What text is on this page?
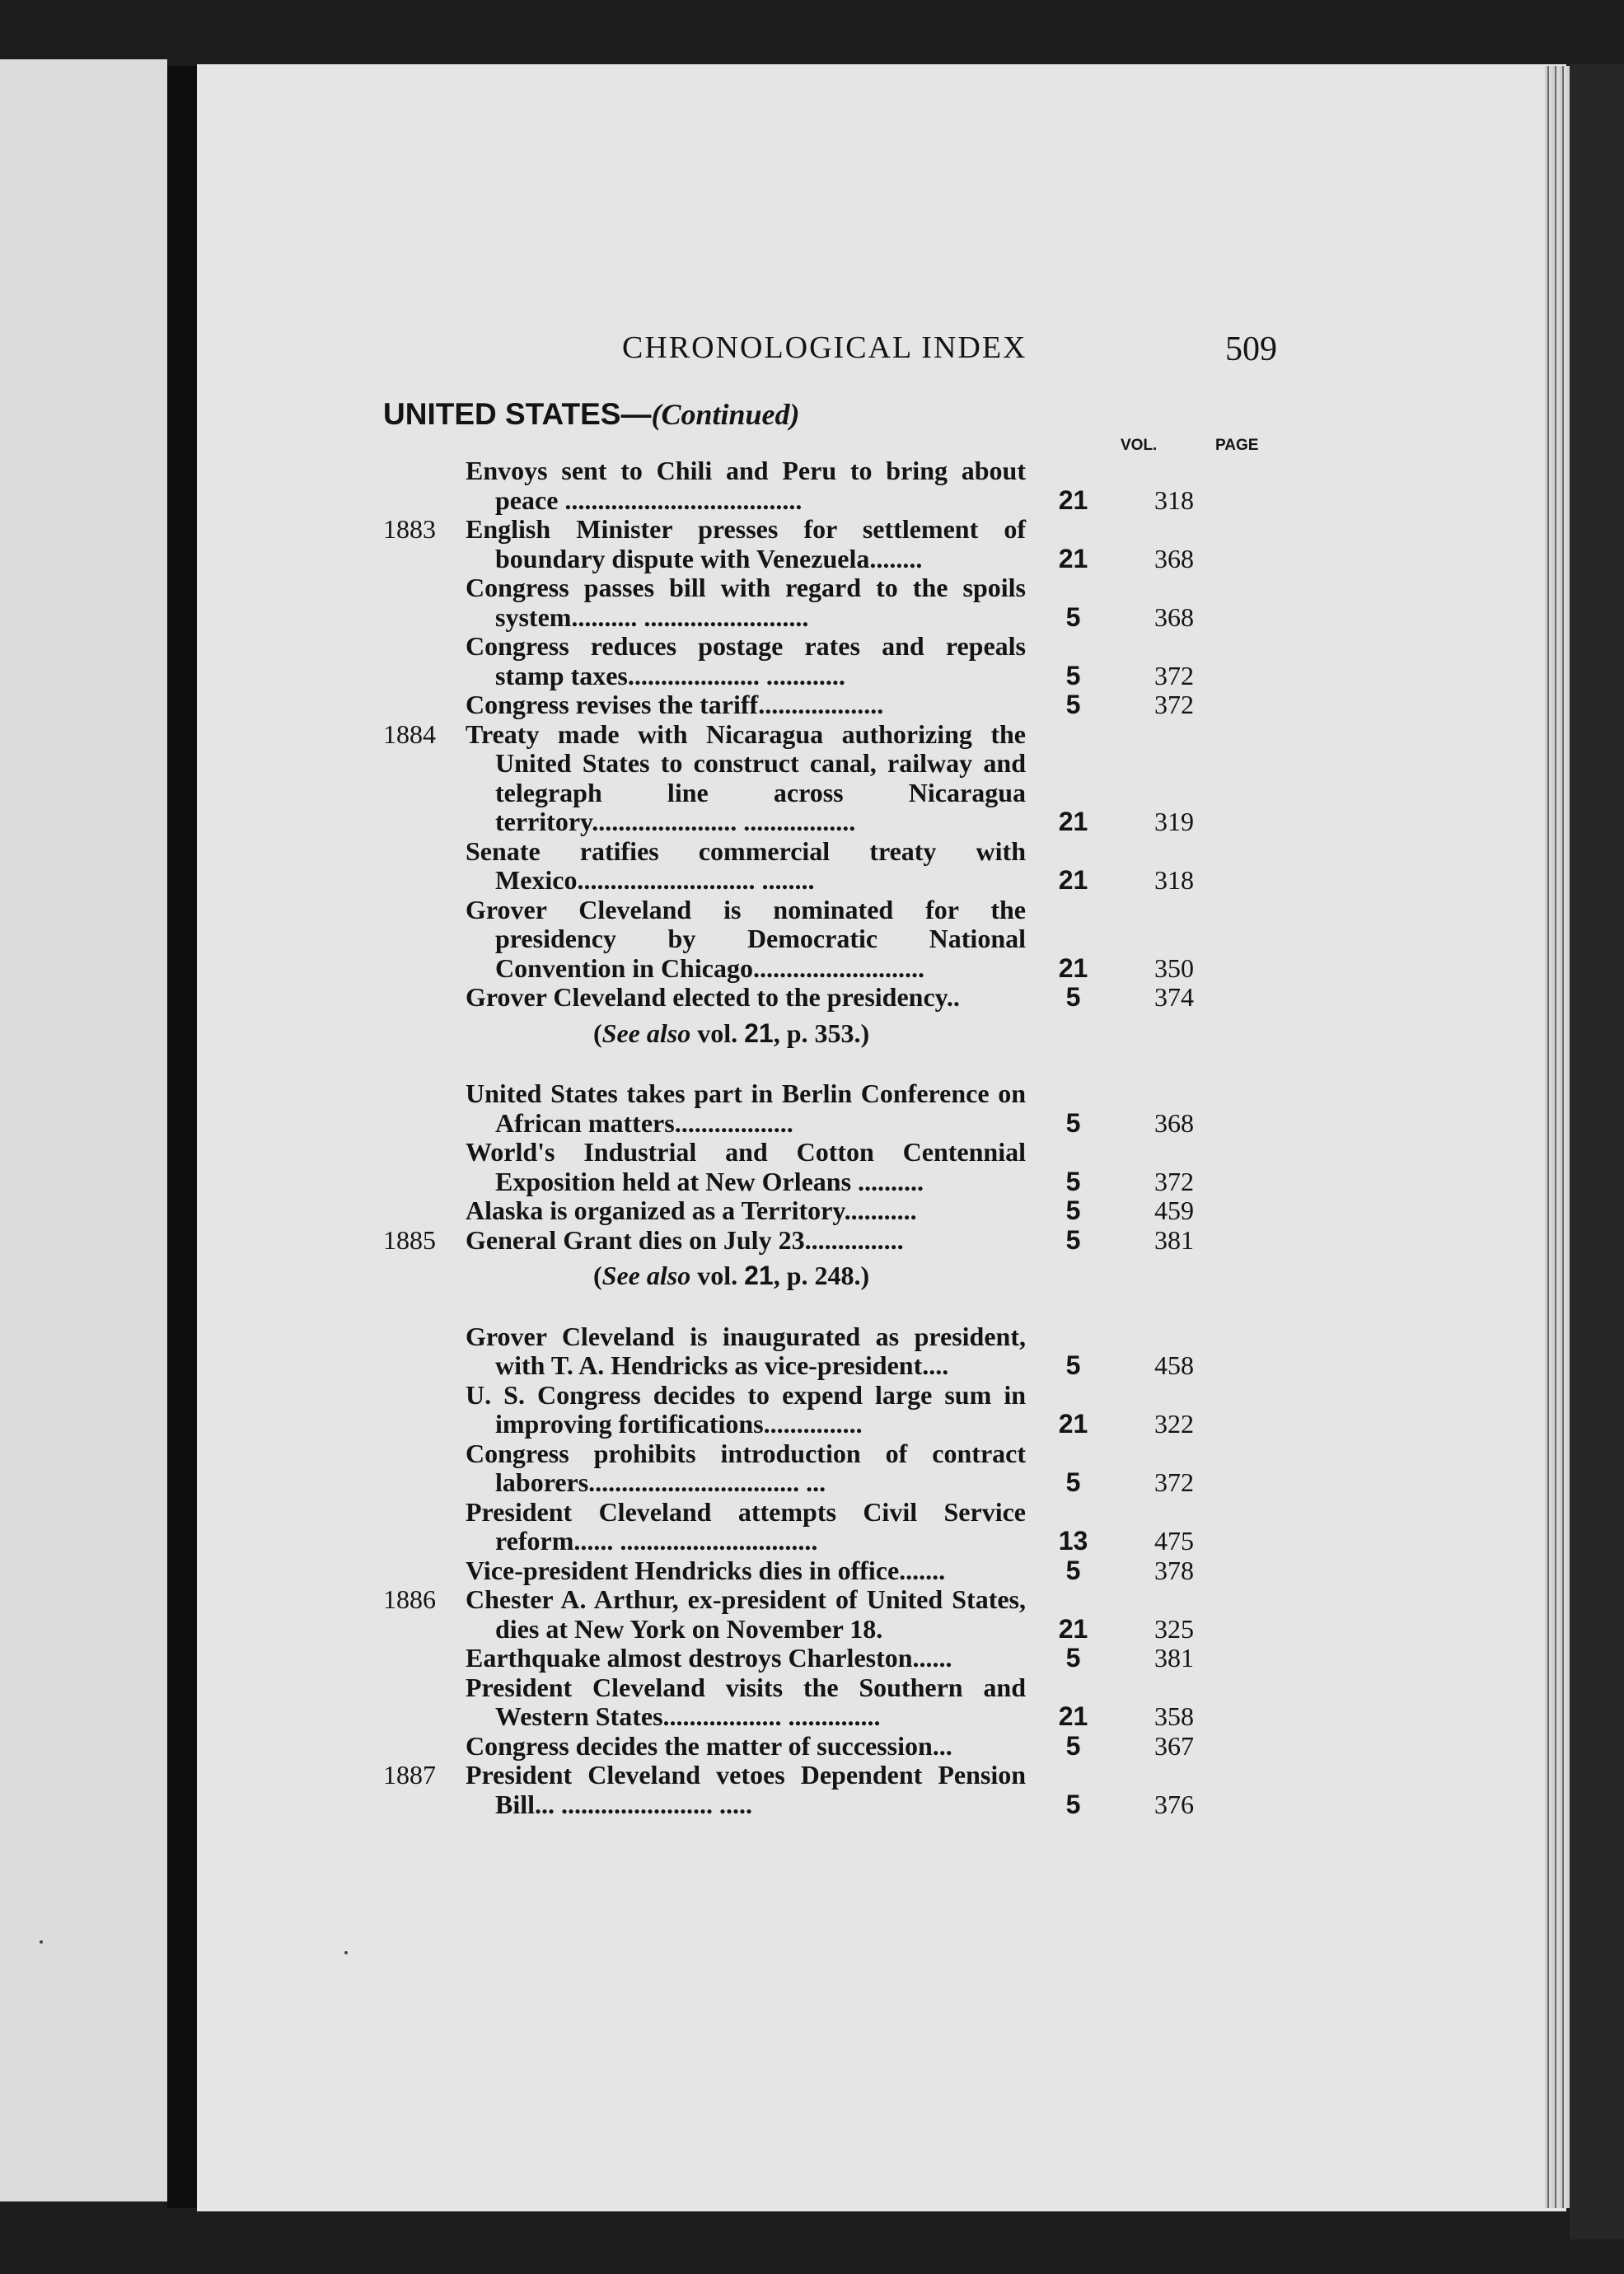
CHRONOLOGICAL INDEX	509
UNITED STATES—(Continued)
VOL.	PAGE
Envoys sent to Chili and Peru to bring about peace ....................................	21	318
1883	English Minister presses for settlement of boundary dispute with Venezuela........	21	368
Congress passes bill with regard to the spoils system.......... .........................	5	368
Congress reduces postage rates and repeals stamp taxes.................... ............	5	372
Congress revises the tariff...................	5	372
1884	Treaty made with Nicaragua authorizing the United States to construct canal, railway and telegraph line across Nicaragua territory...................... .................	21	319
Senate ratifies commercial treaty with Mexico........................... ........	21	318
Grover Cleveland is nominated for the presidency by Democratic National Convention in Chicago..........................	21	350
Grover Cleveland elected to the presidency..	5	374
(See also vol. 21, p. 353.)
United States takes part in Berlin Conference on African matters..................	5	368
World's Industrial and Cotton Centennial Exposition held at New Orleans ..........	5	372
Alaska is organized as a Territory...........	5	459
1885	General Grant dies on July 23...............	5	381
(See also vol. 21, p. 248.)
Grover Cleveland is inaugurated as president, with T. A. Hendricks as vice-president....	5	458
U. S. Congress decides to expend large sum in improving fortifications...............	21	322
Congress prohibits introduction of contract laborers................................ ...	5	372
President Cleveland attempts Civil Service reform...... ..............................	13	475
Vice-president Hendricks dies in office.......	5	378
1886	Chester A. Arthur, ex-president of United States, dies at New York on November 18.	21	325
Earthquake almost destroys Charleston......	5	381
President Cleveland visits the Southern and Western States.................. ..............	21	358
Congress decides the matter of succession...	5	367
1887	President Cleveland vetoes Dependent Pension Bill... ....................... .....	5	376
